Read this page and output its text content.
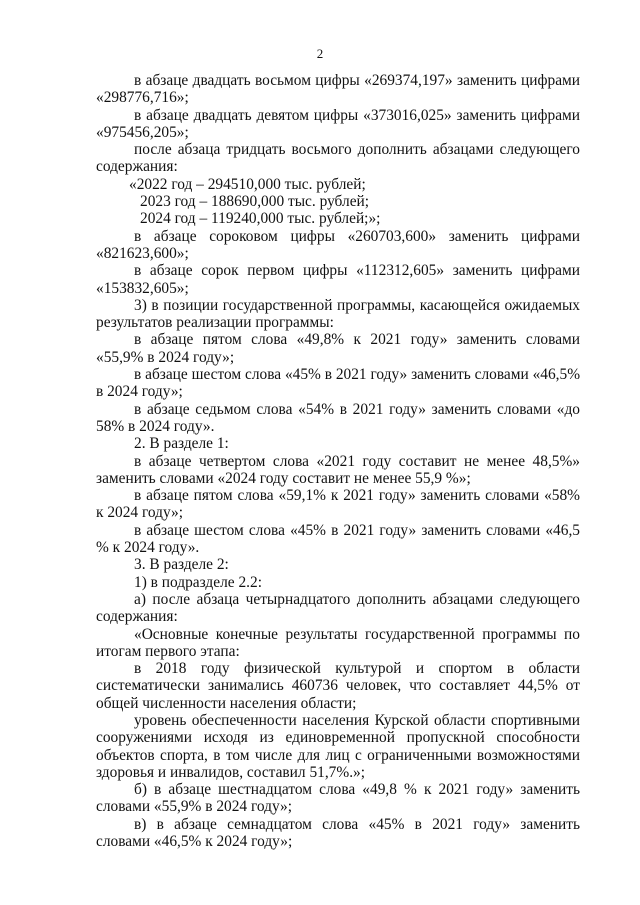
2

в абзаце двадцать восьмом цифры «269374,197» заменить цифрами «298776,716»;

в абзаце двадцать девятом цифры «373016,025» заменить цифрами «975456,205»;

после абзаца тридцать восьмого дополнить абзацами следующего содержания:

«2022 год – 294510,000 тыс. рублей;

2023 год – 188690,000 тыс. рублей;

2024 год – 119240,000 тыс. рублей;»;

в абзаце сороковом цифры «260703,600» заменить цифрами «821623,600»;

в абзаце сорок первом цифры «112312,605» заменить цифрами «153832,605»;

3) в позиции государственной программы, касающейся ожидаемых результатов реализации программы:

в абзаце пятом слова «49,8% к 2021 году» заменить словами «55,9% в 2024 году»;

в абзаце шестом слова «45% в 2021 году» заменить словами «46,5% в 2024 году»;

в абзаце седьмом слова «54% в 2021 году» заменить словами «до 58% в 2024 году».

2. В разделе 1:

в абзаце четвертом слова «2021 году составит не менее 48,5%» заменить словами «2024 году составит не менее 55,9 %»;

в абзаце пятом слова «59,1% к 2021 году» заменить словами «58% к 2024 году»;

в абзаце шестом слова «45% в 2021 году» заменить словами «46,5 % к 2024 году».

3. В разделе 2:

1) в подразделе 2.2:

а) после абзаца четырнадцатого дополнить абзацами следующего содержания:

«Основные конечные результаты государственной программы по итогам первого этапа:

в 2018 году физической культурой и спортом в области систематически занимались 460736 человек, что составляет 44,5% от общей численности населения области;

уровень обеспеченности населения Курской области спортивными сооружениями исходя из единовременной пропускной способности объектов спорта, в том числе для лиц с ограниченными возможностями здоровья и инвалидов, составил 51,7%.»;

б) в абзаце шестнадцатом слова «49,8 % к 2021 году» заменить словами «55,9% в 2024 году»;

в) в абзаце семнадцатом слова «45% в 2021 году» заменить словами «46,5% к 2024 году»;
